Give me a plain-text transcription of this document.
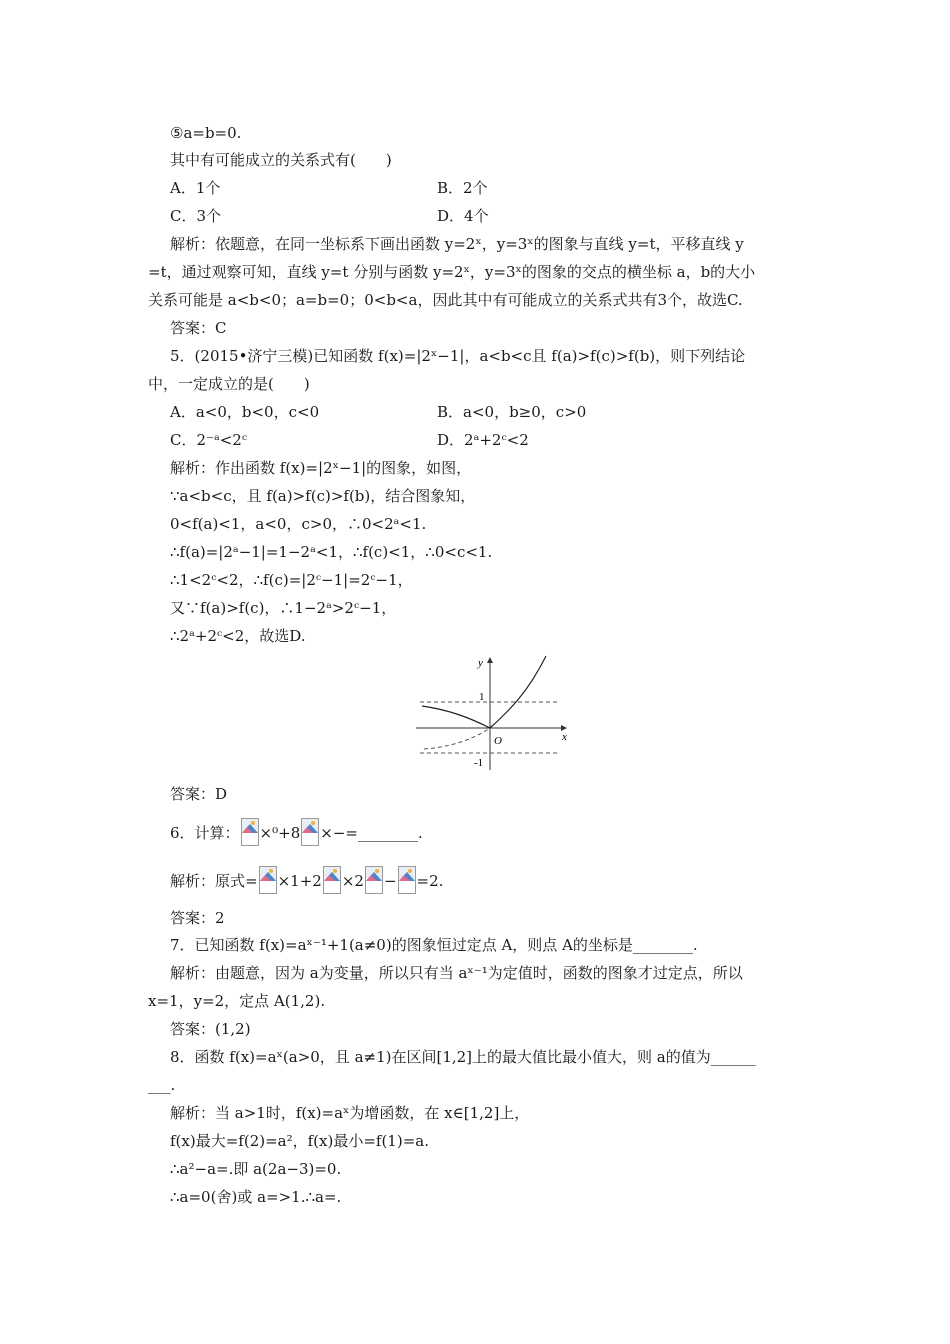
⑤a=b=0.
其中有可能成立的关系式有(　　)
A．1个	B．2个
C．3个	D．4个
解析：依题意，在同一坐标系下画出函数 y=2ˣ，y=3ˣ的图象与直线 y=t，平移直线 y
=t，通过观察可知，直线 y=t 分别与函数 y=2ˣ，y=3ˣ的图象的交点的横坐标 a，b的大小
关系可能是 a<b<0；a=b=0；0<b<a，因此其中有可能成立的关系式共有3个，故选C.
答案：C
5．(2015•济宁三模)已知函数 f(x)=|2ˣ−1|，a<b<c且 f(a)>f(c)>f(b)，则下列结论
中，一定成立的是(　　)
A．a<0，b<0，c<0	B．a<0，b≥0，c>0
C．2⁻ᵃ<2ᶜ	D．2ᵃ+2ᶜ<2
解析：作出函数 f(x)=|2ˣ−1|的图象，如图，
∵a<b<c，且 f(a)>f(c)>f(b)，结合图象知，
0<f(a)<1，a<0，c>0，∴0<2ᵃ<1.
∴f(a)=|2ᵃ−1|=1−2ᵃ<1，∴f(c)<1，∴0<c<1.
∴1<2ᶜ<2，∴f(c)=|2ᶜ−1|=2ᶜ−1，
又∵f(a)>f(c)，∴1−2ᵃ>2ᶜ−1，
∴2ᵃ+2ᶜ<2，故选D.
y
x
1
O
-1
答案：D
6．计算： ×⁰+8 ×−=________.
解析：原式= ×1+2 ×2 − =2.
答案：2
7．已知函数 f(x)=aˣ⁻¹+1(a≠0)的图象恒过定点 A，则点 A的坐标是________.
解析：由题意，因为 a为变量，所以只有当 aˣ⁻¹为定值时，函数的图象才过定点，所以
x=1，y=2，定点 A(1,2).
答案：(1,2)
8．函数 f(x)=aˣ(a>0，且 a≠1)在区间[1,2]上的最大值比最小值大，则 a的值为______
___.
解析：当 a>1时，f(x)=aˣ为增函数，在 x∈[1,2]上，
f(x)最大=f(2)=a²，f(x)最小=f(1)=a.
∴a²−a=.即 a(2a−3)=0.
∴a=0(舍)或 a=>1.∴a=.
